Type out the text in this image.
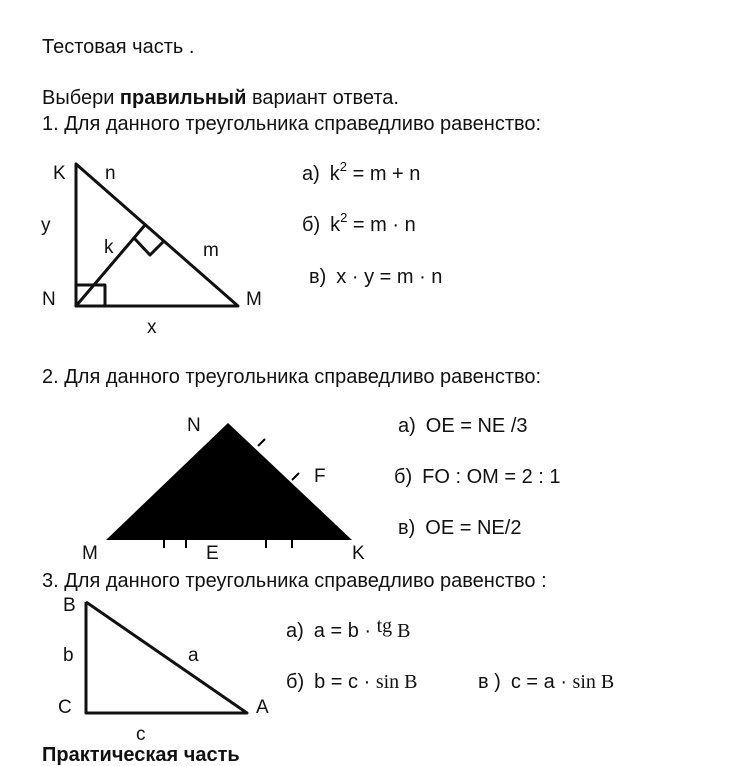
Тестовая часть .
Выбери правильный вариант ответа.
1. Для данного треугольника справедливо равенство:
K n
y
k	m
N	M
x
а) $k^2 = m + n$
б) $k^2 = m \cdot n$
в) x · y = m · n
2. Для данного треугольника справедливо равенство:
N
F
M	E	K
а) OE = NE /3
б) FO : OM = 2 : 1
в) OE = NE/2
3. Для данного треугольника справедливо равенство :
B
b	a
C	A
c
а) a = b · tg B
б) b = c · sin B	в ) c = a · sin B
Практическая часть
